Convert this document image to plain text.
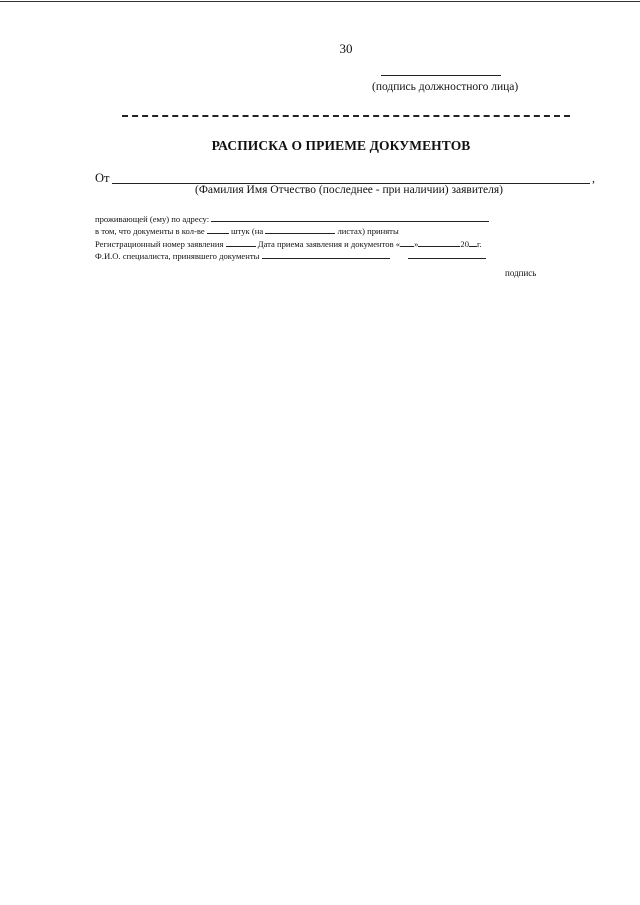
30
(подпись должностного лица)
РАСПИСКА О ПРИЕМЕ ДОКУМЕНТОВ
От	,
(Фамилия Имя Отчество (последнее - при наличии) заявителя)
проживающей (ему) по адресу:
в том, что документы в кол-ве	штук (на	листах) приняты
Регистрационный номер заявления	Дата приема заявления и документов « »	20 г.
Ф.И.О. специалиста, принявшего документы
подпись
